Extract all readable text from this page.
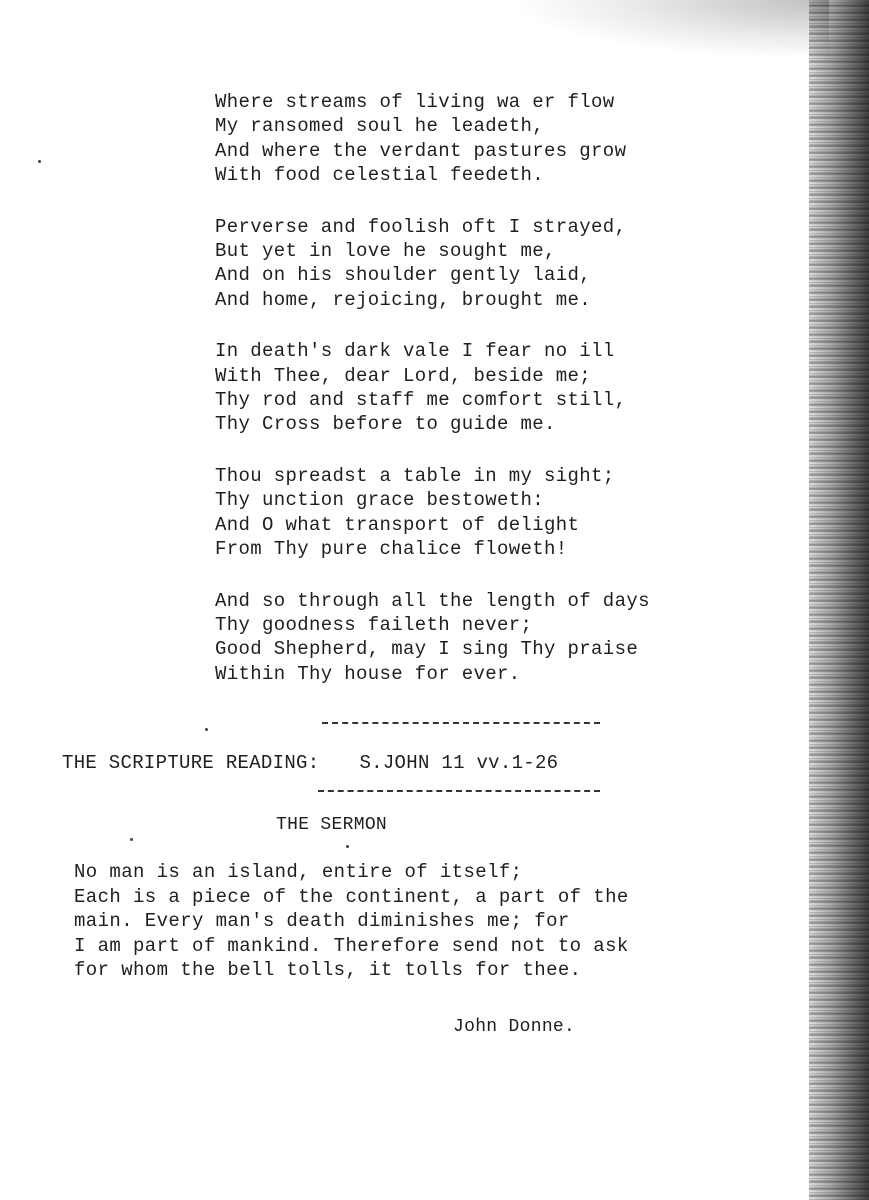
Where streams of living wa er flow
My ransomed soul he leadeth,
And where the verdant pastures grow
With food celestial feedeth.
Perverse and foolish oft I strayed,
But yet in love he sought me,
And on his shoulder gently laid,
And home, rejoicing, brought me.
In death's dark vale I fear no ill
With Thee, dear Lord, beside me;
Thy rod and staff me comfort still,
Thy Cross before to guide me.
Thou spreadst a table in my sight;
Thy unction grace bestoweth:
And O what transport of delight
From Thy pure chalice floweth!
And so through all the length of days
Thy goodness faileth never;
Good Shepherd, may I sing Thy praise
Within Thy house for ever.
THE SCRIPTURE READING: S.JOHN 11 vv.1-26
THE SERMON
No man is an island, entire of itself;
Each is a piece of the continent, a part of the
main. Every man's death diminishes me; for
I am part of mankind. Therefore send not to ask
for whom the bell tolls, it tolls for thee.
John Donne.
